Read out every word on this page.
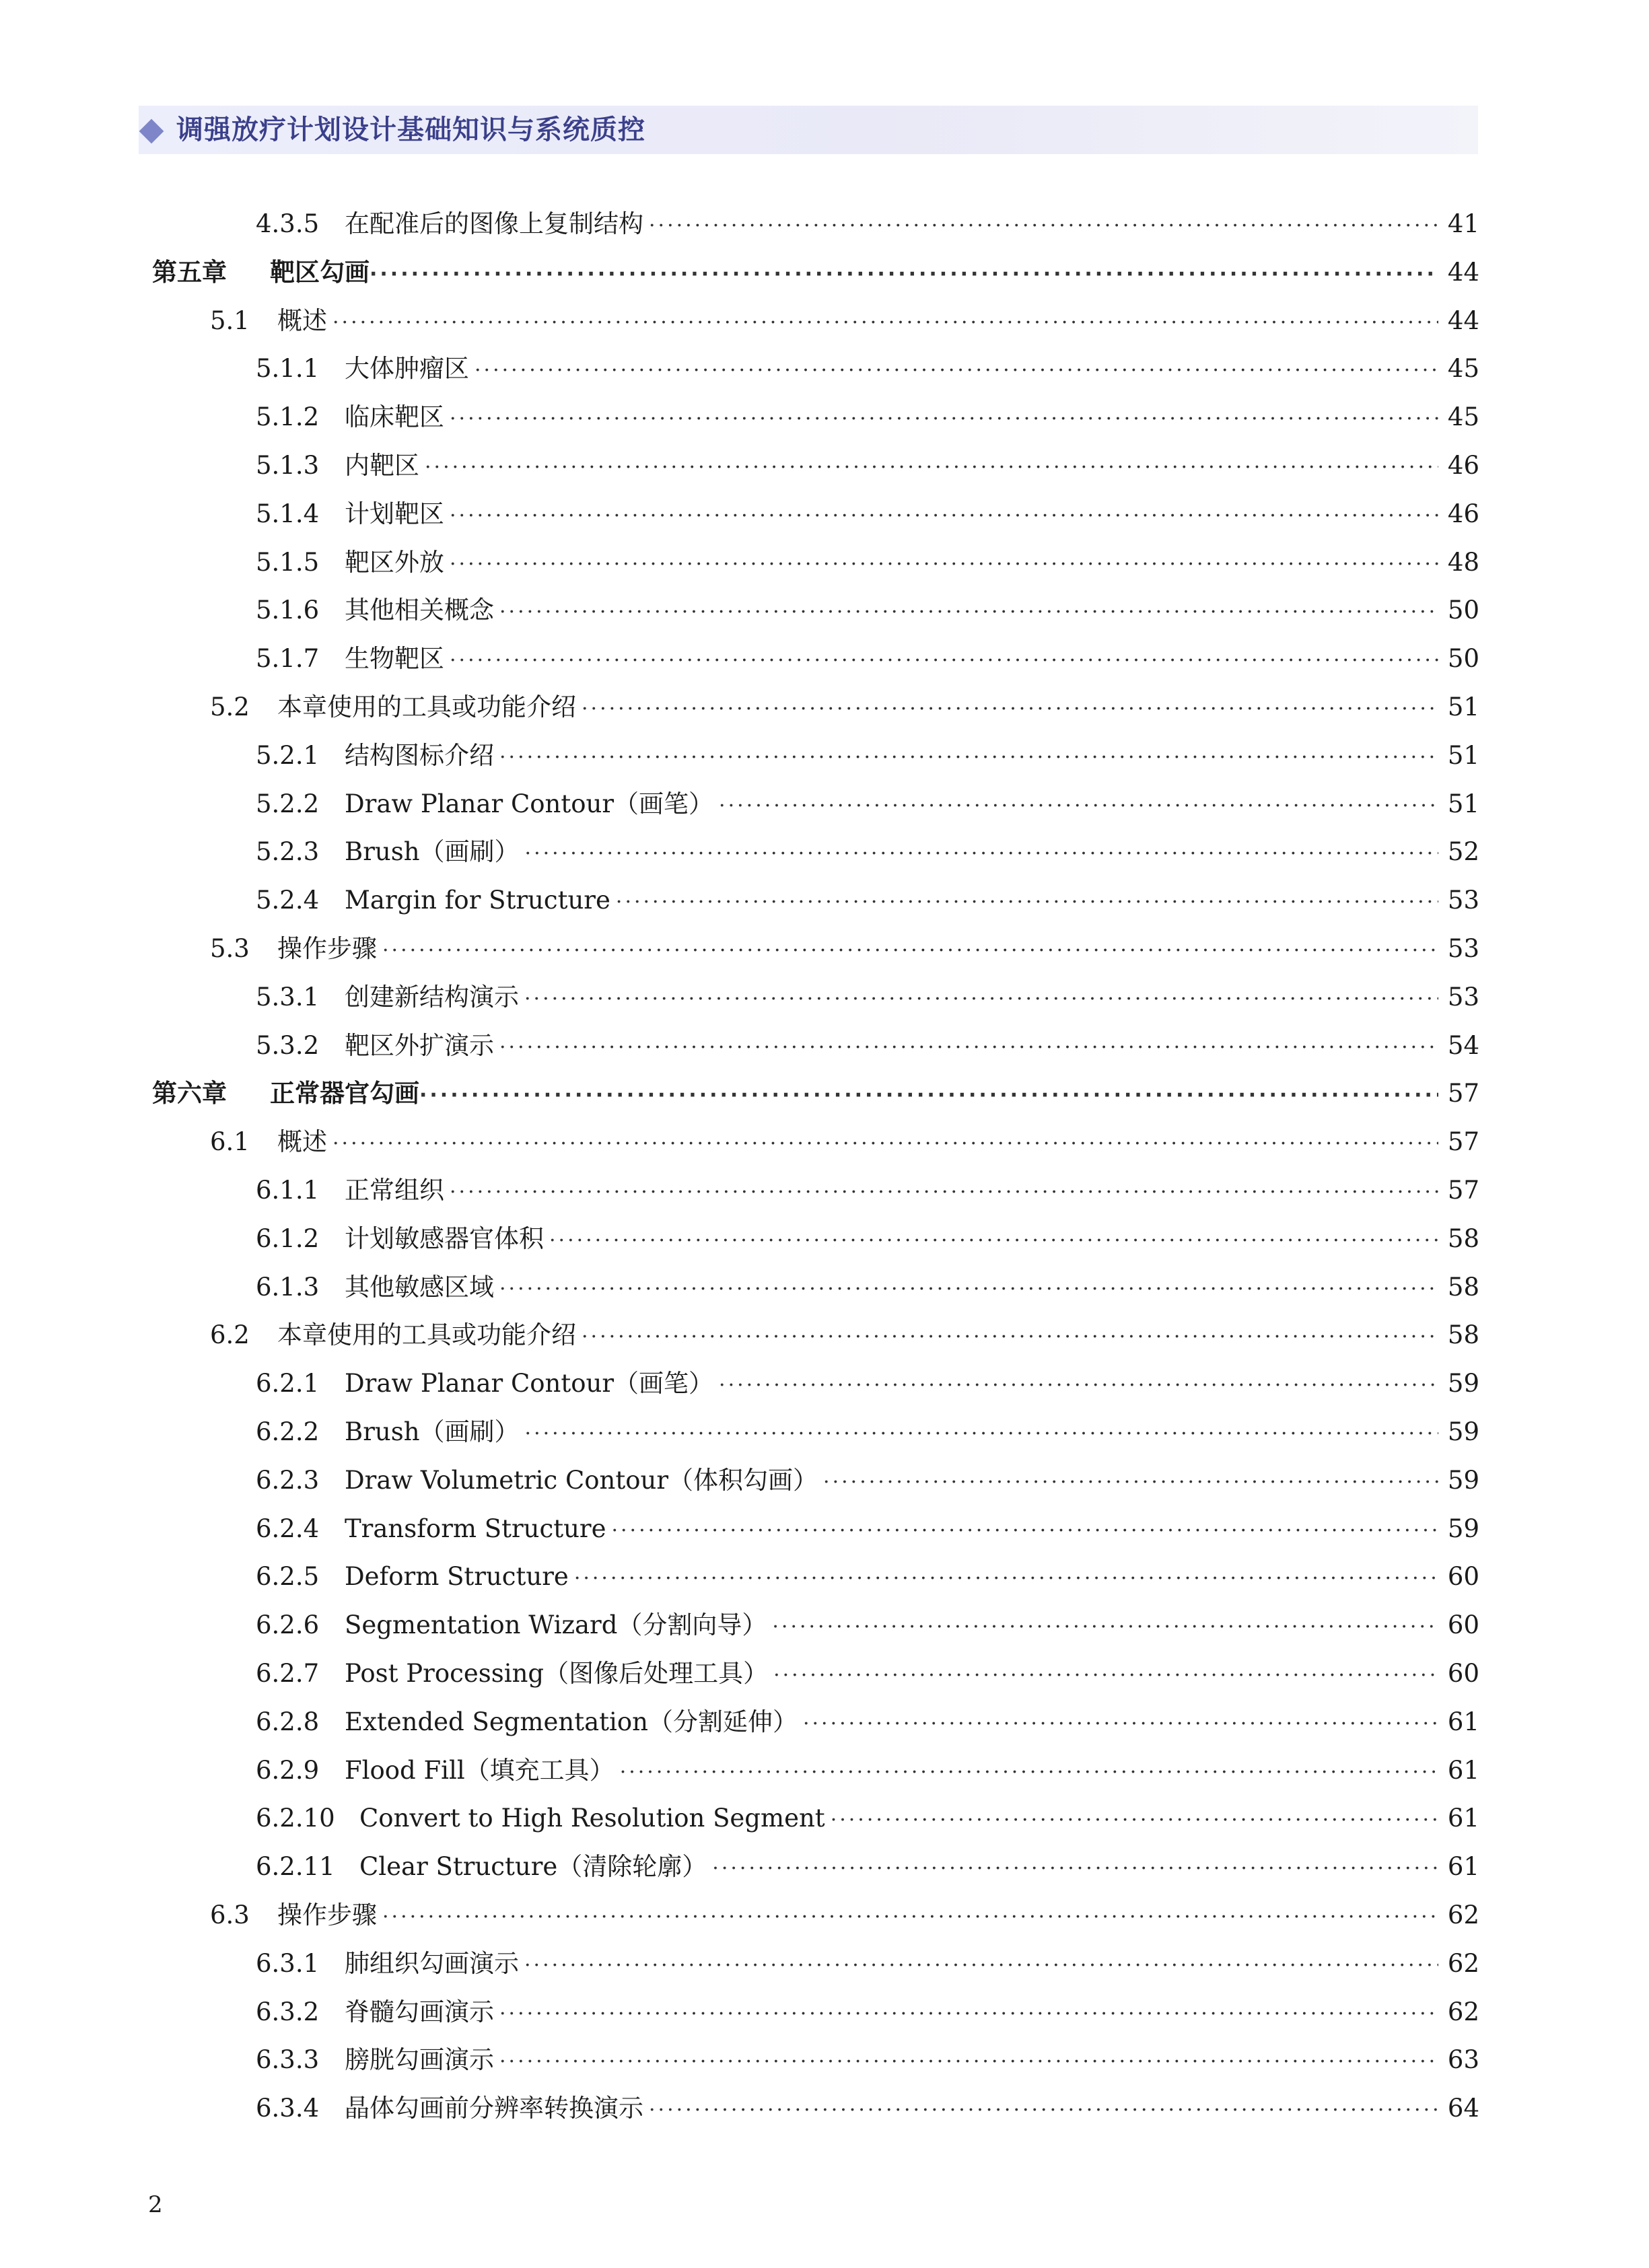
调强放疗计划设计基础知识与系统质控
4.3.5	在配准后的图像上复制结构 ·····	41
第五章	靶区勾画 ·····	44
5.1	概述 ·····	44
5.1.1	大体肿瘤区 ·····	45
5.1.2	临床靶区 ·····	45
5.1.3	内靶区 ·····	46
5.1.4	计划靶区 ·····	46
5.1.5	靶区外放 ·····	48
5.1.6	其他相关概念 ·····	50
5.1.7	生物靶区 ·····	50
5.2	本章使用的工具或功能介绍 ·····	51
5.2.1	结构图标介绍 ·····	51
5.2.2	Draw Planar Contour（画笔） ·····	51
5.2.3	Brush（画刷） ·····	52
5.2.4	Margin for Structure ·····	53
5.3	操作步骤 ·····	53
5.3.1	创建新结构演示 ·····	53
5.3.2	靶区外扩演示 ·····	54
第六章	正常器官勾画 ·····	57
6.1	概述 ·····	57
6.1.1	正常组织 ·····	57
6.1.2	计划敏感器官体积 ·····	58
6.1.3	其他敏感区域 ·····	58
6.2	本章使用的工具或功能介绍 ·····	58
6.2.1	Draw Planar Contour（画笔） ·····	59
6.2.2	Brush（画刷） ·····	59
6.2.3	Draw Volumetric Contour（体积勾画） ·····	59
6.2.4	Transform Structure ·····	59
6.2.5	Deform Structure ·····	60
6.2.6	Segmentation Wizard（分割向导） ·····	60
6.2.7	Post Processing（图像后处理工具） ·····	60
6.2.8	Extended Segmentation（分割延伸） ·····	61
6.2.9	Flood Fill（填充工具） ·····	61
6.2.10 Convert to High Resolution Segment ·····	61
6.2.11 Clear Structure（清除轮廓） ·····	61
6.3	操作步骤 ·····	62
6.3.1	肺组织勾画演示 ·····	62
6.3.2	脊髓勾画演示 ·····	62
6.3.3	膀胱勾画演示 ·····	63
6.3.4	晶体勾画前分辨率转换演示 ·····	64
2
